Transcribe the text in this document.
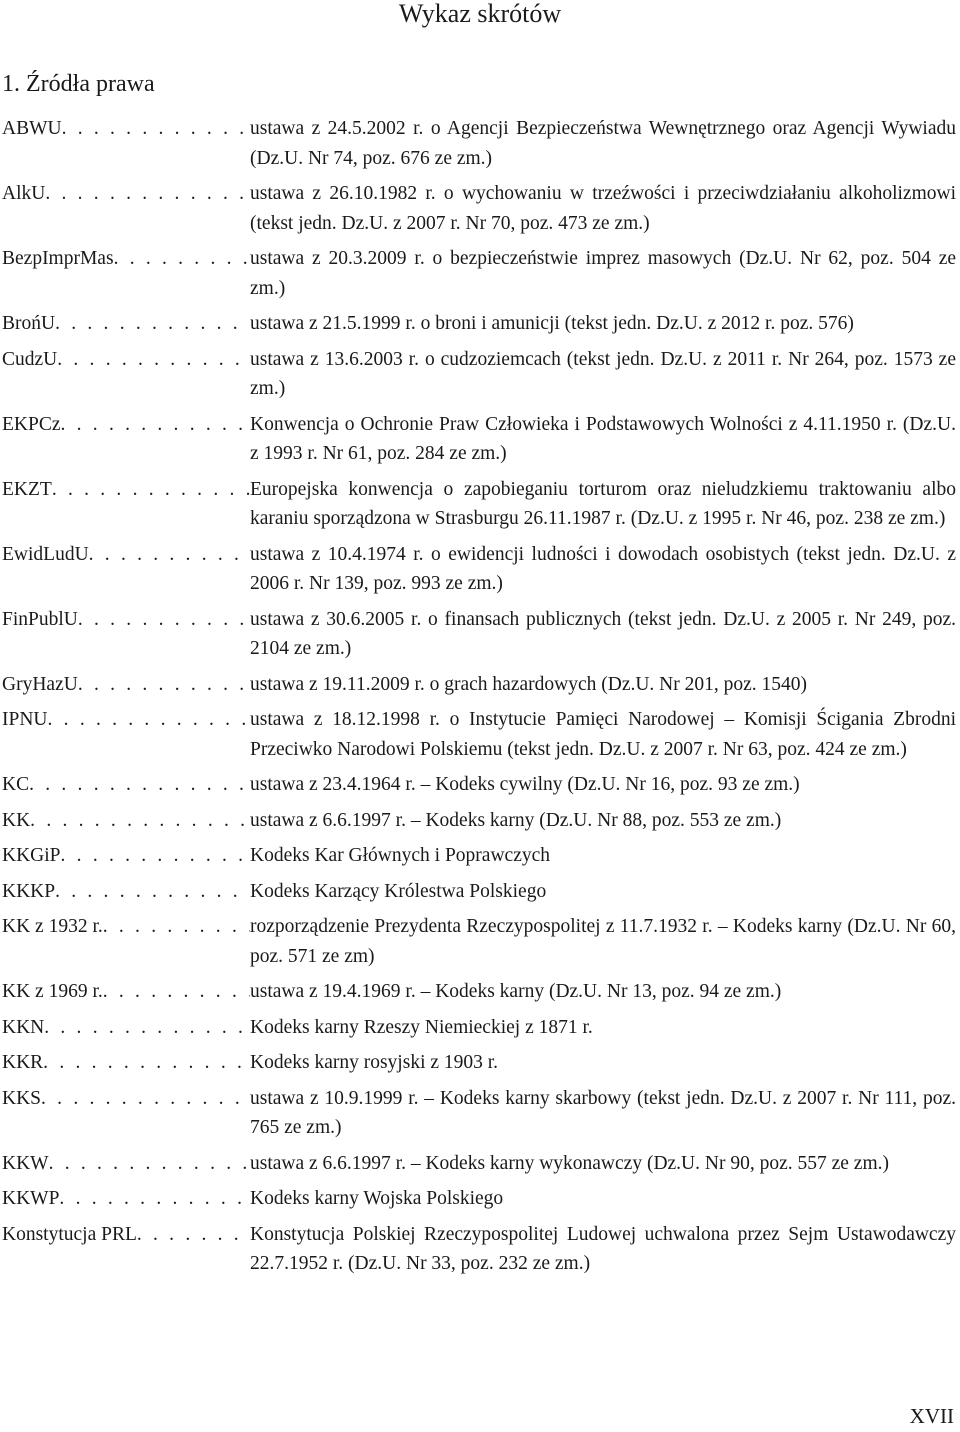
Wykaz skrótów
1. Źródła prawa
ABWU . . .	ustawa z 24.5.2002 r. o Agencji Bezpieczeństwa Wewnętrznego oraz Agencji Wywiadu (Dz.U. Nr 74, poz. 676 ze zm.)
AlkU . . .	ustawa z 26.10.1982 r. o wychowaniu w trzeźwości i przeciwdziałaniu alkoholizmowi (tekst jedn. Dz.U. z 2007 r. Nr 70, poz. 473 ze zm.)
BezpImprMas . . .	ustawa z 20.3.2009 r. o bezpieczeństwie imprez masowych (Dz.U. Nr 62, poz. 504 ze zm.)
BrońU . . .	ustawa z 21.5.1999 r. o broni i amunicji (tekst jedn. Dz.U. z 2012 r. poz. 576)
CudzU . . .	ustawa z 13.6.2003 r. o cudzoziemcach (tekst jedn. Dz.U. z 2011 r. Nr 264, poz. 1573 ze zm.)
EKPCz . . .	Konwencja o Ochronie Praw Człowieka i Podstawowych Wolności z 4.11.1950 r. (Dz.U. z 1993 r. Nr 61, poz. 284 ze zm.)
EKZT . . .	Europejska konwencja o zapobieganiu torturom oraz nieludzkiemu traktowaniu albo karaniu sporządzona w Strasburgu 26.11.1987 r. (Dz.U. z 1995 r. Nr 46, poz. 238 ze zm.)
EwidLudU . . .	ustawa z 10.4.1974 r. o ewidencji ludności i dowodach osobistych (tekst jedn. Dz.U. z 2006 r. Nr 139, poz. 993 ze zm.)
FinPublU . . .	ustawa z 30.6.2005 r. o finansach publicznych (tekst jedn. Dz.U. z 2005 r. Nr 249, poz. 2104 ze zm.)
GryHazU . . .	ustawa z 19.11.2009 r. o grach hazardowych (Dz.U. Nr 201, poz. 1540)
IPNU . . .	ustawa z 18.12.1998 r. o Instytucie Pamięci Narodowej – Komisji Ścigania Zbrodni Przeciwko Narodowi Polskiemu (tekst jedn. Dz.U. z 2007 r. Nr 63, poz. 424 ze zm.)
KC . . .	ustawa z 23.4.1964 r. – Kodeks cywilny (Dz.U. Nr 16, poz. 93 ze zm.)
KK . . .	ustawa z 6.6.1997 r. – Kodeks karny (Dz.U. Nr 88, poz. 553 ze zm.)
KKGiP . . .	Kodeks Kar Głównych i Poprawczych
KKKP . . .	Kodeks Karzący Królestwa Polskiego
KK z 1932 r. . . .	rozporządzenie Prezydenta Rzeczypospolitej z 11.7.1932 r. – Kodeks karny (Dz.U. Nr 60, poz. 571 ze zm)
KK z 1969 r. . . .	ustawa z 19.4.1969 r. – Kodeks karny (Dz.U. Nr 13, poz. 94 ze zm.)
KKN . . .	Kodeks karny Rzeszy Niemieckiej z 1871 r.
KKR . . .	Kodeks karny rosyjski z 1903 r.
KKS . . .	ustawa z 10.9.1999 r. – Kodeks karny skarbowy (tekst jedn. Dz.U. z 2007 r. Nr 111, poz. 765 ze zm.)
KKW . . .	ustawa z 6.6.1997 r. – Kodeks karny wykonawczy (Dz.U. Nr 90, poz. 557 ze zm.)
KKWP . . .	Kodeks karny Wojska Polskiego
Konstytucja PRL . . .	Konstytucja Polskiej Rzeczypospolitej Ludowej uchwalona przez Sejm Ustawodawczy 22.7.1952 r. (Dz.U. Nr 33, poz. 232 ze zm.)
XVII
